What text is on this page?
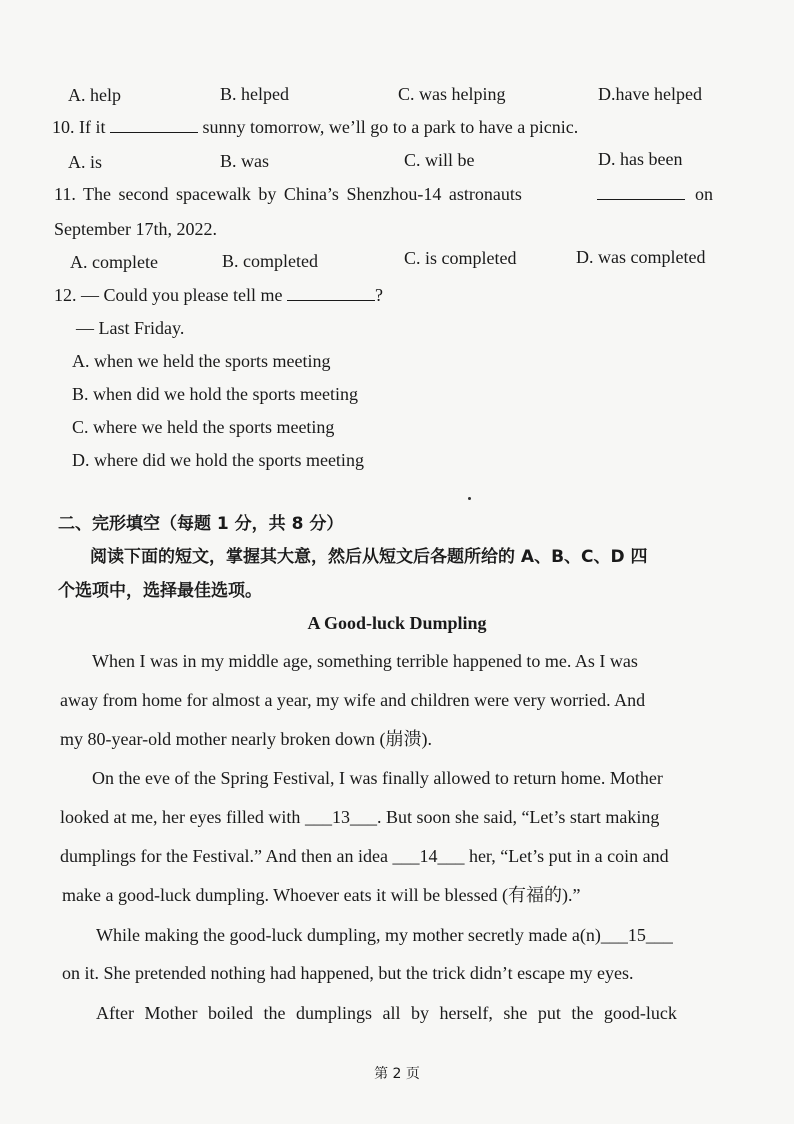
A. help	B. helped	C. was helping	D.have helped
10. If it	sunny tomorrow, we’ll go to a park to have a picnic.
A. is	B. was	C. will be	D. has been
11. The second spacewalk by China’s Shenzhou-14 astronauts	on
September 17th, 2022.
A. complete	B. completed	C. is completed	D. was completed
12. — Could you please tell me	?
— Last Friday.
A. when we held the sports meeting
B. when did we hold the sports meeting
C. where we held the sports meeting
D. where did we hold the sports meeting
二、完形填空（每题 1 分，共 8 分）
阅读下面的短文，掌握其大意，然后从短文后各题所给的 A、B、C、D 四
个选项中，选择最佳选项。
A Good-luck Dumpling
When I was in my middle age, something terrible happened to me. As I was
away from home for almost a year, my wife and children were very worried. And
my 80-year-old mother nearly broken down (崩溃).
On the eve of the Spring Festival, I was finally allowed to return home. Mother
looked at me, her eyes filled with ___13___. But soon she said, “Let’s start making
dumplings for the Festival.” And then an idea ___14___ her, “Let’s put in a coin and
make a good-luck dumpling. Whoever eats it will be blessed (有福的).”
While making the good-luck dumpling, my mother secretly made a(n)___15___
on it. She pretended nothing had happened, but the trick didn’t escape my eyes.
After Mother boiled the dumplings all by herself, she put the good-luck
第 2 页
